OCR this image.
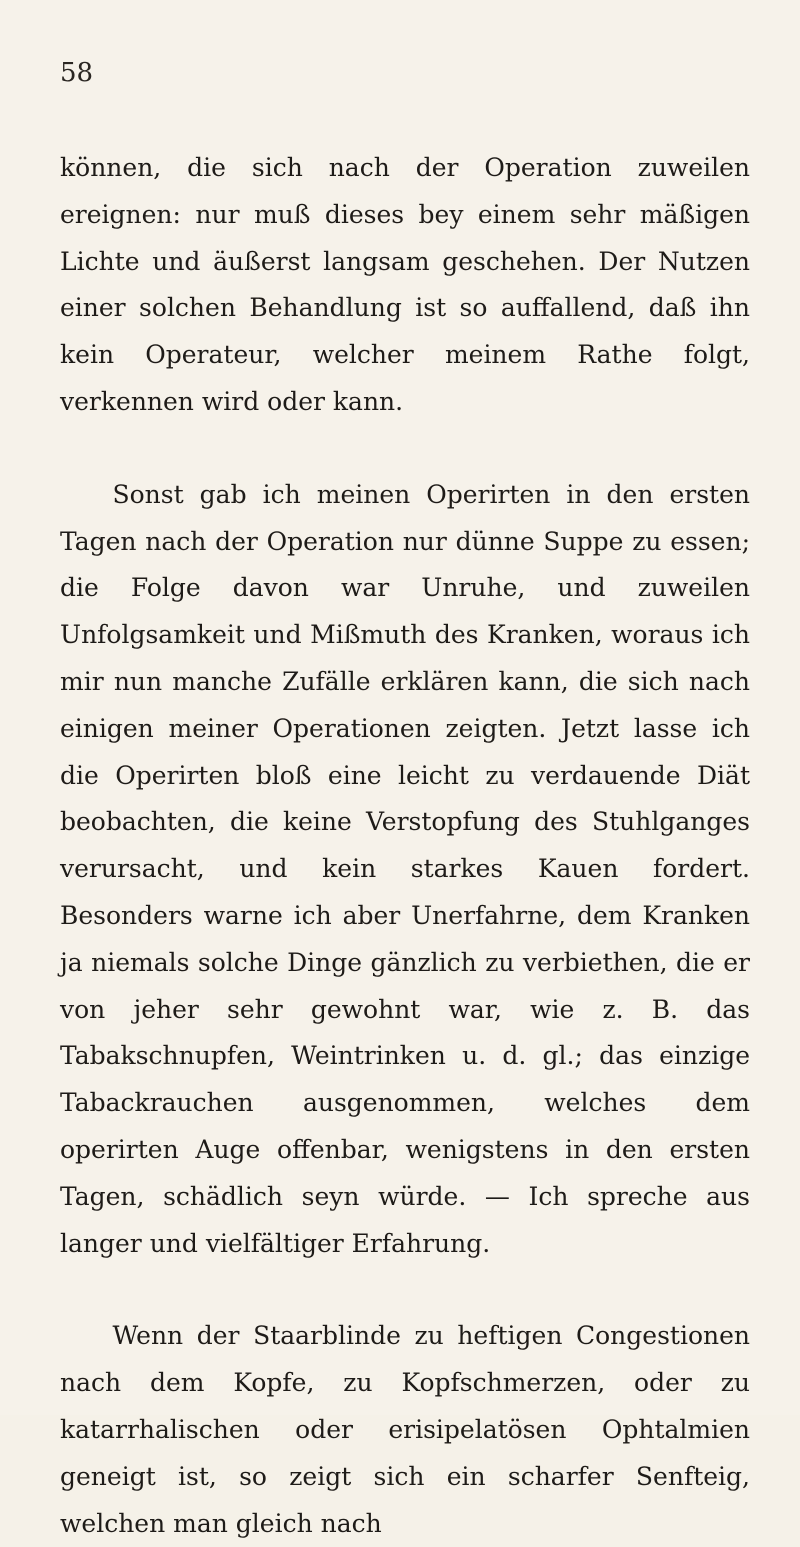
58

können, die sich nach der Operation zuweilen ereignen: nur muß dieses bey einem sehr mäßigen Lichte und äußerst langsam geschehen. Der Nutzen einer solchen Behandlung ist so auffallend, daß ihn kein Operateur, welcher meinem Rathe folgt, verkennen wird oder kann.

Sonst gab ich meinen Operirten in den ersten Tagen nach der Operation nur dünne Suppe zu essen; die Folge davon war Unruhe, und zuweilen Unfolgsamkeit und Mißmuth des Kranken, woraus ich mir nun manche Zufälle erklären kann, die sich nach einigen meiner Operationen zeigten. Jetzt lasse ich die Operirten bloß eine leicht zu verdauende Diät beobachten, die keine Verstopfung des Stuhlganges verursacht, und kein starkes Kauen fordert. Besonders warne ich aber Unerfahrne, dem Kranken ja niemals solche Dinge gänzlich zu verbiethen, die er von jeher sehr gewohnt war, wie z. B. das Tabakschnupfen, Weintrinken u. d. gl.; das einzige Tabackrauchen ausgenommen, welches dem operirten Auge offenbar, wenigstens in den ersten Tagen, schädlich seyn würde. — Ich spreche aus langer und vielfältiger Erfahrung.

Wenn der Staarblinde zu heftigen Congestionen nach dem Kopfe, zu Kopfschmerzen, oder zu katarrhalischen oder erisipelatösen Ophtalmien geneigt ist, so zeigt sich ein scharfer Senfteig, welchen man gleich nach
